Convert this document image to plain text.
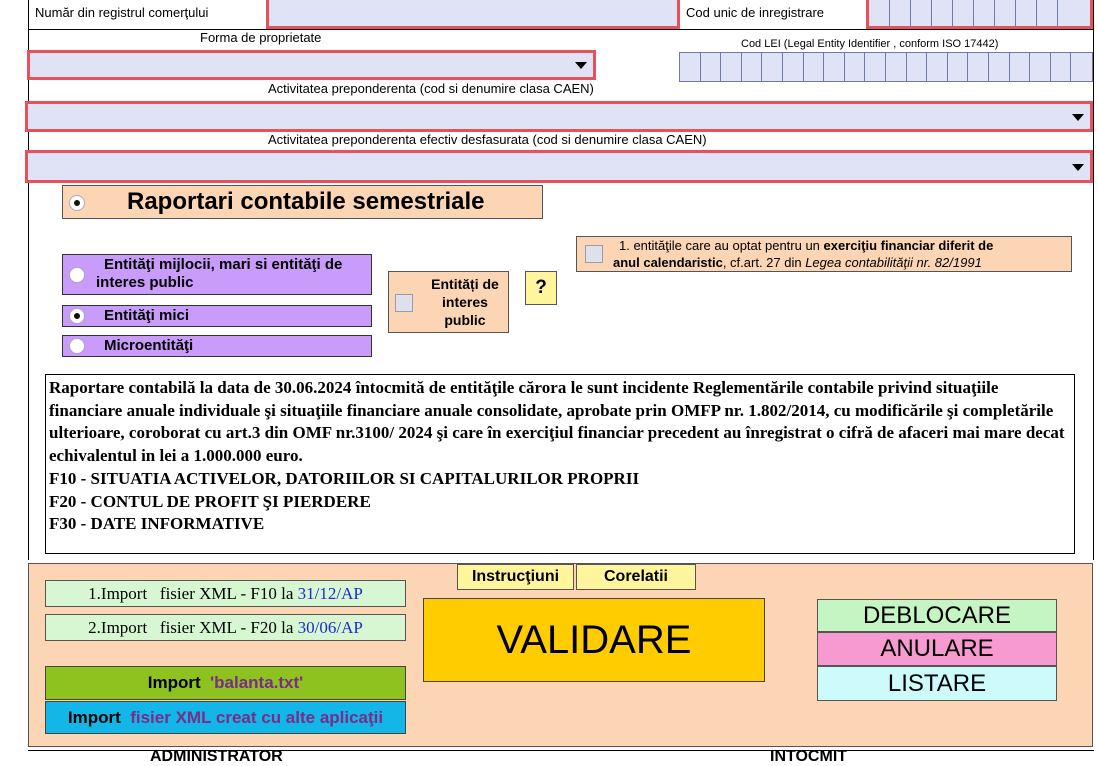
Număr din registrul comerţului	Cod unic de inregistrare
Forma de proprietate	Cod LEI (Legal Entity Identifier , conform ISO 17442)
Activitatea preponderenta (cod si denumire clasa CAEN)
Activitatea preponderenta efectiv desfasurata (cod si denumire clasa CAEN)
Raportari contabile semestriale
1. entităţile care au optat pentru un exerciţiu financiar diferit de
anul calendaristic, cf.art. 27 din Legea contabilităţii nr. 82/1991
Entităţi mijlocii, mari si entităţi de interes public
Entităţi mici
Microentităţi
Entități de interes public
?
Raportare contabilă la data de 30.06.2024 întocmită de entităţile cărora le sunt incidente Reglementările contabile privind situaţiile financiare anuale individuale şi situaţiile financiare anuale consolidate, aprobate prin OMFP nr. 1.802/2014, cu modificările şi completările ulterioare, coroborat cu art.3 din OMF nr.3100/ 2024 şi care în exerciţiul financiar precedent au înregistrat o cifră de afaceri mai mare decat echivalentul in lei a 1.000.000 euro.
F10 - SITUATIA ACTIVELOR, DATORIILOR SI CAPITALURILOR PROPRII
F20 - CONTUL DE PROFIT ŞI PIERDERE
F30 - DATE INFORMATIVE
Instrucţiuni	Corelatii
1.Import   fisier XML - F10 la 31/12/AP
2.Import   fisier XML - F20 la 30/06/AP
Import 'balanta.txt'
Import fisier XML creat cu alte aplicaţii
VALIDARE
DEBLOCARE
ANULARE
LISTARE
ADMINISTRATOR	INTOCMIT
